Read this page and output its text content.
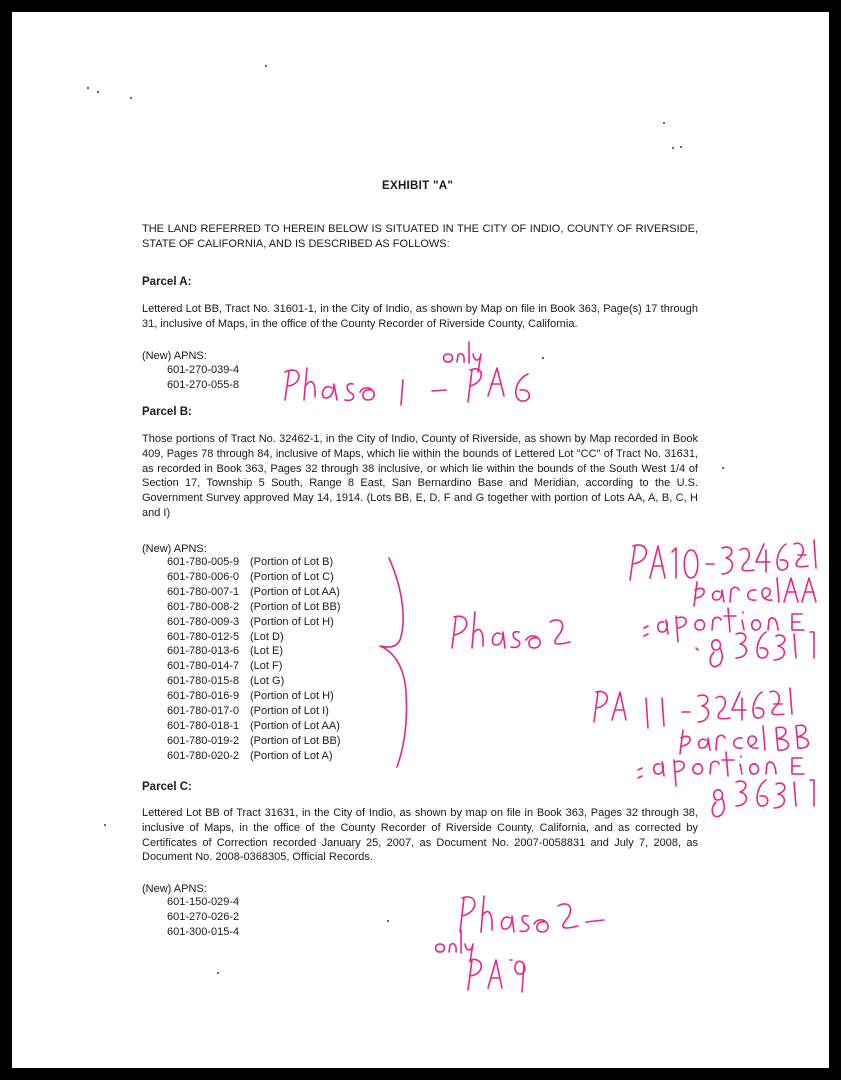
EXHIBIT "A"
THE LAND REFERRED TO HEREIN BELOW IS SITUATED IN THE CITY OF INDIO, COUNTY OF RIVERSIDE, STATE OF CALIFORNIA, AND IS DESCRIBED AS FOLLOWS:
Parcel A:
Lettered Lot BB, Tract No. 31601-1, in the City of Indio, as shown by Map on file in Book 363, Page(s) 17 through 31, inclusive of Maps, in the office of the County Recorder of Riverside County, California.
(New) APNS:
601-270-039-4
601-270-055-8
Parcel B:
Those portions of Tract No. 32462-1, in the City of Indio, County of Riverside, as shown by Map recorded in Book 409, Pages 78 through 84, inclusive of Maps, which lie within the bounds of Lettered Lot "CC" of Tract No. 31631, as recorded in Book 363, Pages 32 through 38 inclusive, or which lie within the bounds of the South West 1/4 of Section 17, Township 5 South, Range 8 East, San Bernardino Base and Meridian, according to the U.S. Government Survey approved May 14, 1914. (Lots BB, E, D, F and G together with portion of Lots AA, A, B, C, H and I)
(New) APNS:
601-780-005-9 (Portion of Lot B)
601-780-006-0 (Portion of Lot C)
601-780-007-1 (Portion of Lot AA)
601-780-008-2 (Portion of Lot BB)
601-780-009-3 (Portion of Lot H)
601-780-012-5 (Lot D)
601-780-013-6 (Lot E)
601-780-014-7 (Lot F)
601-780-015-8 (Lot G)
601-780-016-9 (Portion of Lot H)
601-780-017-0 (Portion of Lot I)
601-780-018-1 (Portion of Lot AA)
601-780-019-2 (Portion of Lot BB)
601-780-020-2 (Portion of Lot A)
Parcel C:
Lettered Lot BB of Tract 31631, in the City of Indio, as shown by map on file in Book 363, Pages 32 through 38, inclusive of Maps, in the office of the County Recorder of Riverside County, California, and as corrected by Certificates of Correction recorded January 25, 2007, as Document No. 2007-0058831 and July 7, 2008, as Document No. 2008-0368305, Official Records.
(New) APNS:
601-150-029-4
601-270-026-2
601-300-015-4
